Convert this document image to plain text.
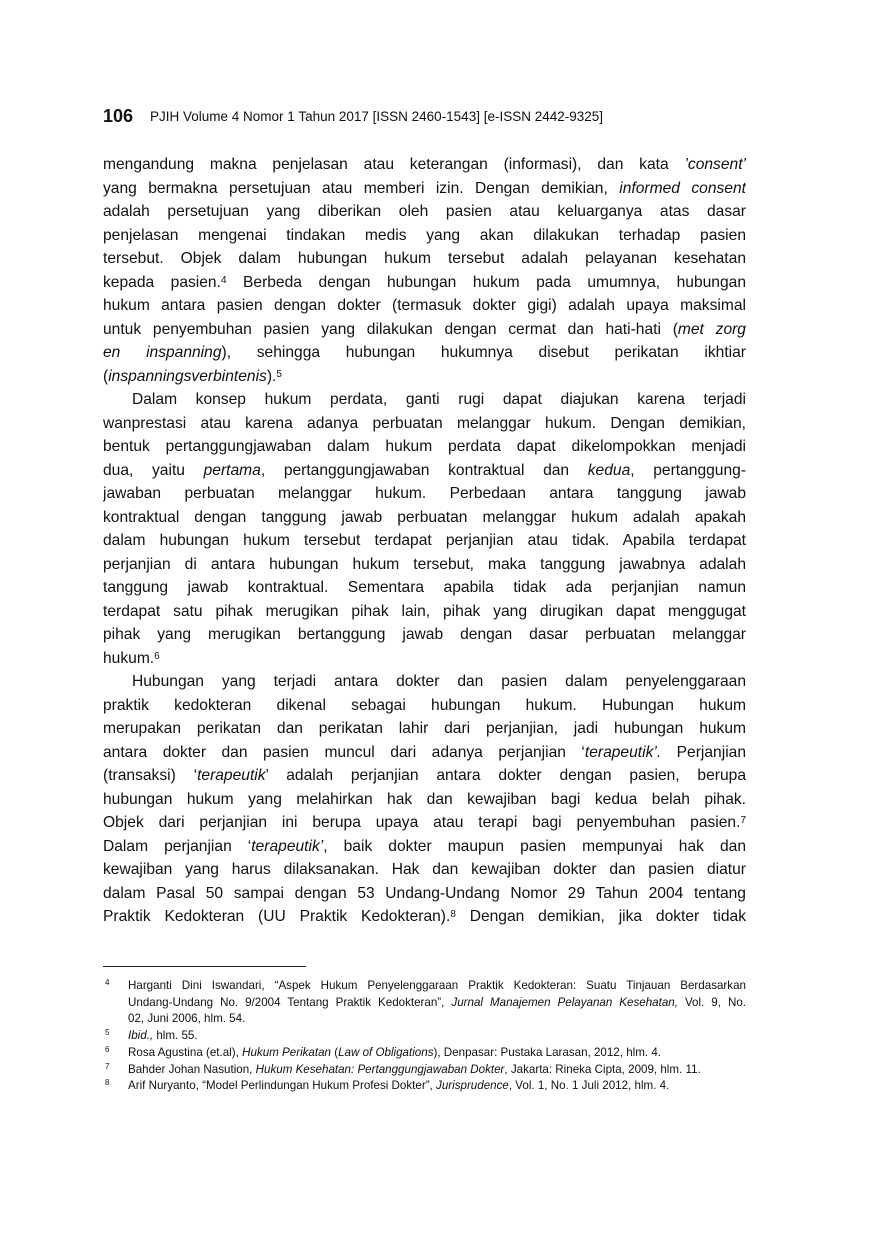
106 PJIH Volume 4 Nomor 1 Tahun 2017 [ISSN 2460-1543] [e-ISSN 2442-9325]
mengandung makna penjelasan atau keterangan (informasi), dan kata ’consent’
yang bermakna persetujuan atau memberi izin. Dengan demikian, informed consent
adalah persetujuan yang diberikan oleh pasien atau keluarganya atas dasar
penjelasan mengenai tindakan medis yang akan dilakukan terhadap pasien
tersebut. Objek dalam hubungan hukum tersebut adalah pelayanan kesehatan
kepada pasien.$^4$ Berbeda dengan hubungan hukum pada umumnya, hubungan
hukum antara pasien dengan dokter (termasuk dokter gigi) adalah upaya maksimal
untuk penyembuhan pasien yang dilakukan dengan cermat dan hati-hati (met zorg
en inspanning), sehingga hubungan hukumnya disebut perikatan ikhtiar
(inspanningsverbintenis).$^5$
Dalam konsep hukum perdata, ganti rugi dapat diajukan karena terjadi
wanprestasi atau karena adanya perbuatan melanggar hukum. Dengan demikian,
bentuk pertanggungjawaban dalam hukum perdata dapat dikelompokkan menjadi
dua, yaitu pertama, pertanggungjawaban kontraktual dan kedua, pertanggung-
jawaban perbuatan melanggar hukum. Perbedaan antara tanggung jawab
kontraktual dengan tanggung jawab perbuatan melanggar hukum adalah apakah
dalam hubungan hukum tersebut terdapat perjanjian atau tidak. Apabila terdapat
perjanjian di antara hubungan hukum tersebut, maka tanggung jawabnya adalah
tanggung jawab kontraktual. Sementara apabila tidak ada perjanjian namun
terdapat satu pihak merugikan pihak lain, pihak yang dirugikan dapat menggugat
pihak yang merugikan bertanggung jawab dengan dasar perbuatan melanggar
hukum.$^6$
Hubungan yang terjadi antara dokter dan pasien dalam penyelenggaraan
praktik kedokteran dikenal sebagai hubungan hukum. Hubungan hukum
merupakan perikatan dan perikatan lahir dari perjanjian, jadi hubungan hukum
antara dokter dan pasien muncul dari adanya perjanjian ‘terapeutik’. Perjanjian
(transaksi) ‘terapeutik’ adalah perjanjian antara dokter dengan pasien, berupa
hubungan hukum yang melahirkan hak dan kewajiban bagi kedua belah pihak.
Objek dari perjanjian ini berupa upaya atau terapi bagi penyembuhan pasien.$^7$
Dalam perjanjian ‘terapeutik’, baik dokter maupun pasien mempunyai hak dan
kewajiban yang harus dilaksanakan. Hak dan kewajiban dokter dan pasien diatur
dalam Pasal 50 sampai dengan 53 Undang-Undang Nomor 29 Tahun 2004 tentang
Praktik Kedokteran (UU Praktik Kedokteran).$^8$ Dengan demikian, jika dokter tidak
4 Harganti Dini Iswandari, “Aspek Hukum Penyelenggaraan Praktik Kedokteran: Suatu Tinjauan Berdasarkan
Undang-Undang No. 9/2004 Tentang Praktik Kedokteran”, Jurnal Manajemen Pelayanan Kesehatan, Vol. 9, No.
02, Juni 2006, hlm. 54.
5 Ibid., hlm. 55.
6 Rosa Agustina (et.al), Hukum Perikatan (Law of Obligations), Denpasar: Pustaka Larasan, 2012, hlm. 4.
7 Bahder Johan Nasution, Hukum Kesehatan: Pertanggungjawaban Dokter, Jakarta: Rineka Cipta, 2009, hlm. 11.
8 Arif Nuryanto, “Model Perlindungan Hukum Profesi Dokter”, Jurisprudence, Vol. 1, No. 1 Juli 2012, hlm. 4.
